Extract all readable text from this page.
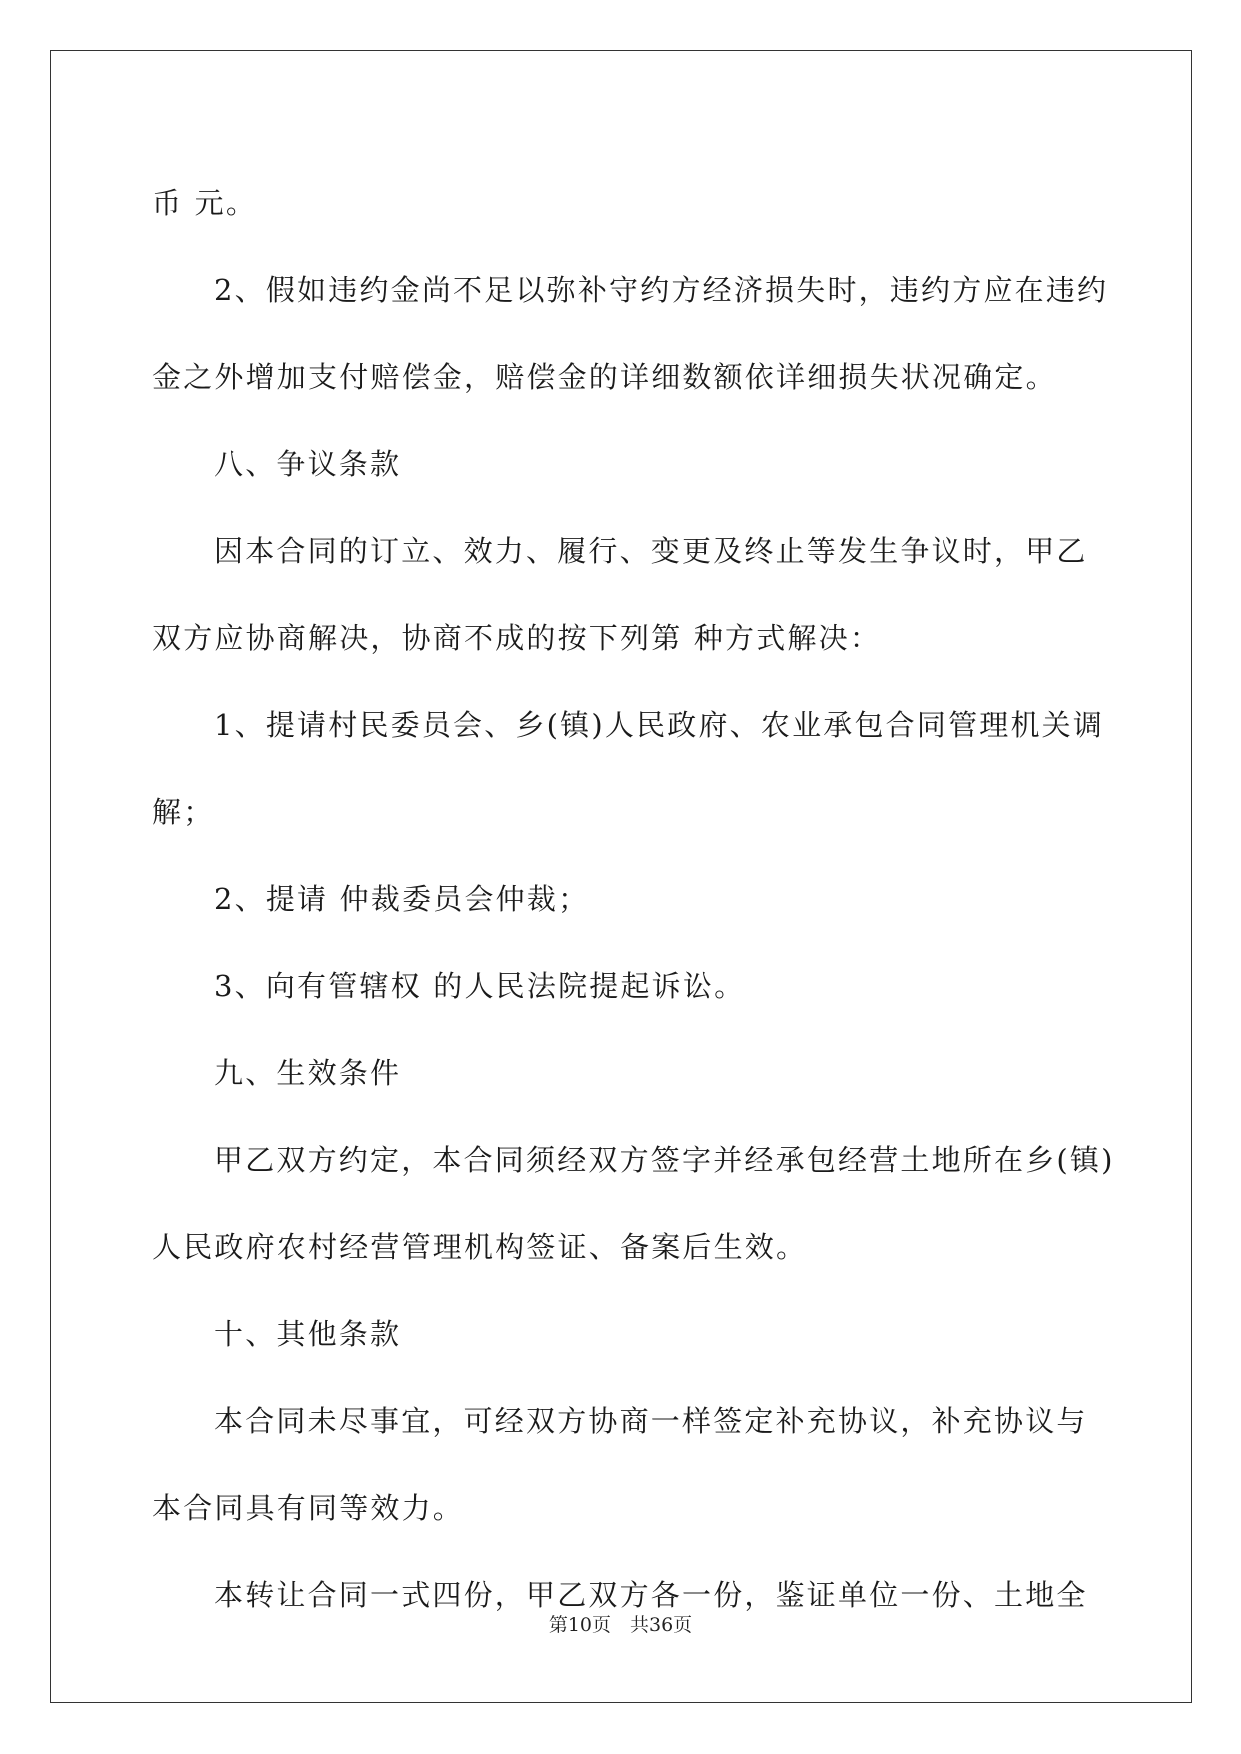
币 元。
2、假如违约金尚不足以弥补守约方经济损失时，违约方应在违约
金之外增加支付赔偿金，赔偿金的详细数额依详细损失状况确定。
八、争议条款
因本合同的订立、效力、履行、变更及终止等发生争议时，甲乙
双方应协商解决，协商不成的按下列第 种方式解决：
1、提请村民委员会、乡(镇)人民政府、农业承包合同管理机关调
解；
2、提请 仲裁委员会仲裁；
3、向有管辖权 的人民法院提起诉讼。
九、生效条件
甲乙双方约定，本合同须经双方签字并经承包经营土地所在乡(镇)
人民政府农村经营管理机构签证、备案后生效。
十、其他条款
本合同未尽事宜，可经双方协商一样签定补充协议，补充协议与
本合同具有同等效力。
本转让合同一式四份，甲乙双方各一份，鉴证单位一份、土地全
第10页　共36页
